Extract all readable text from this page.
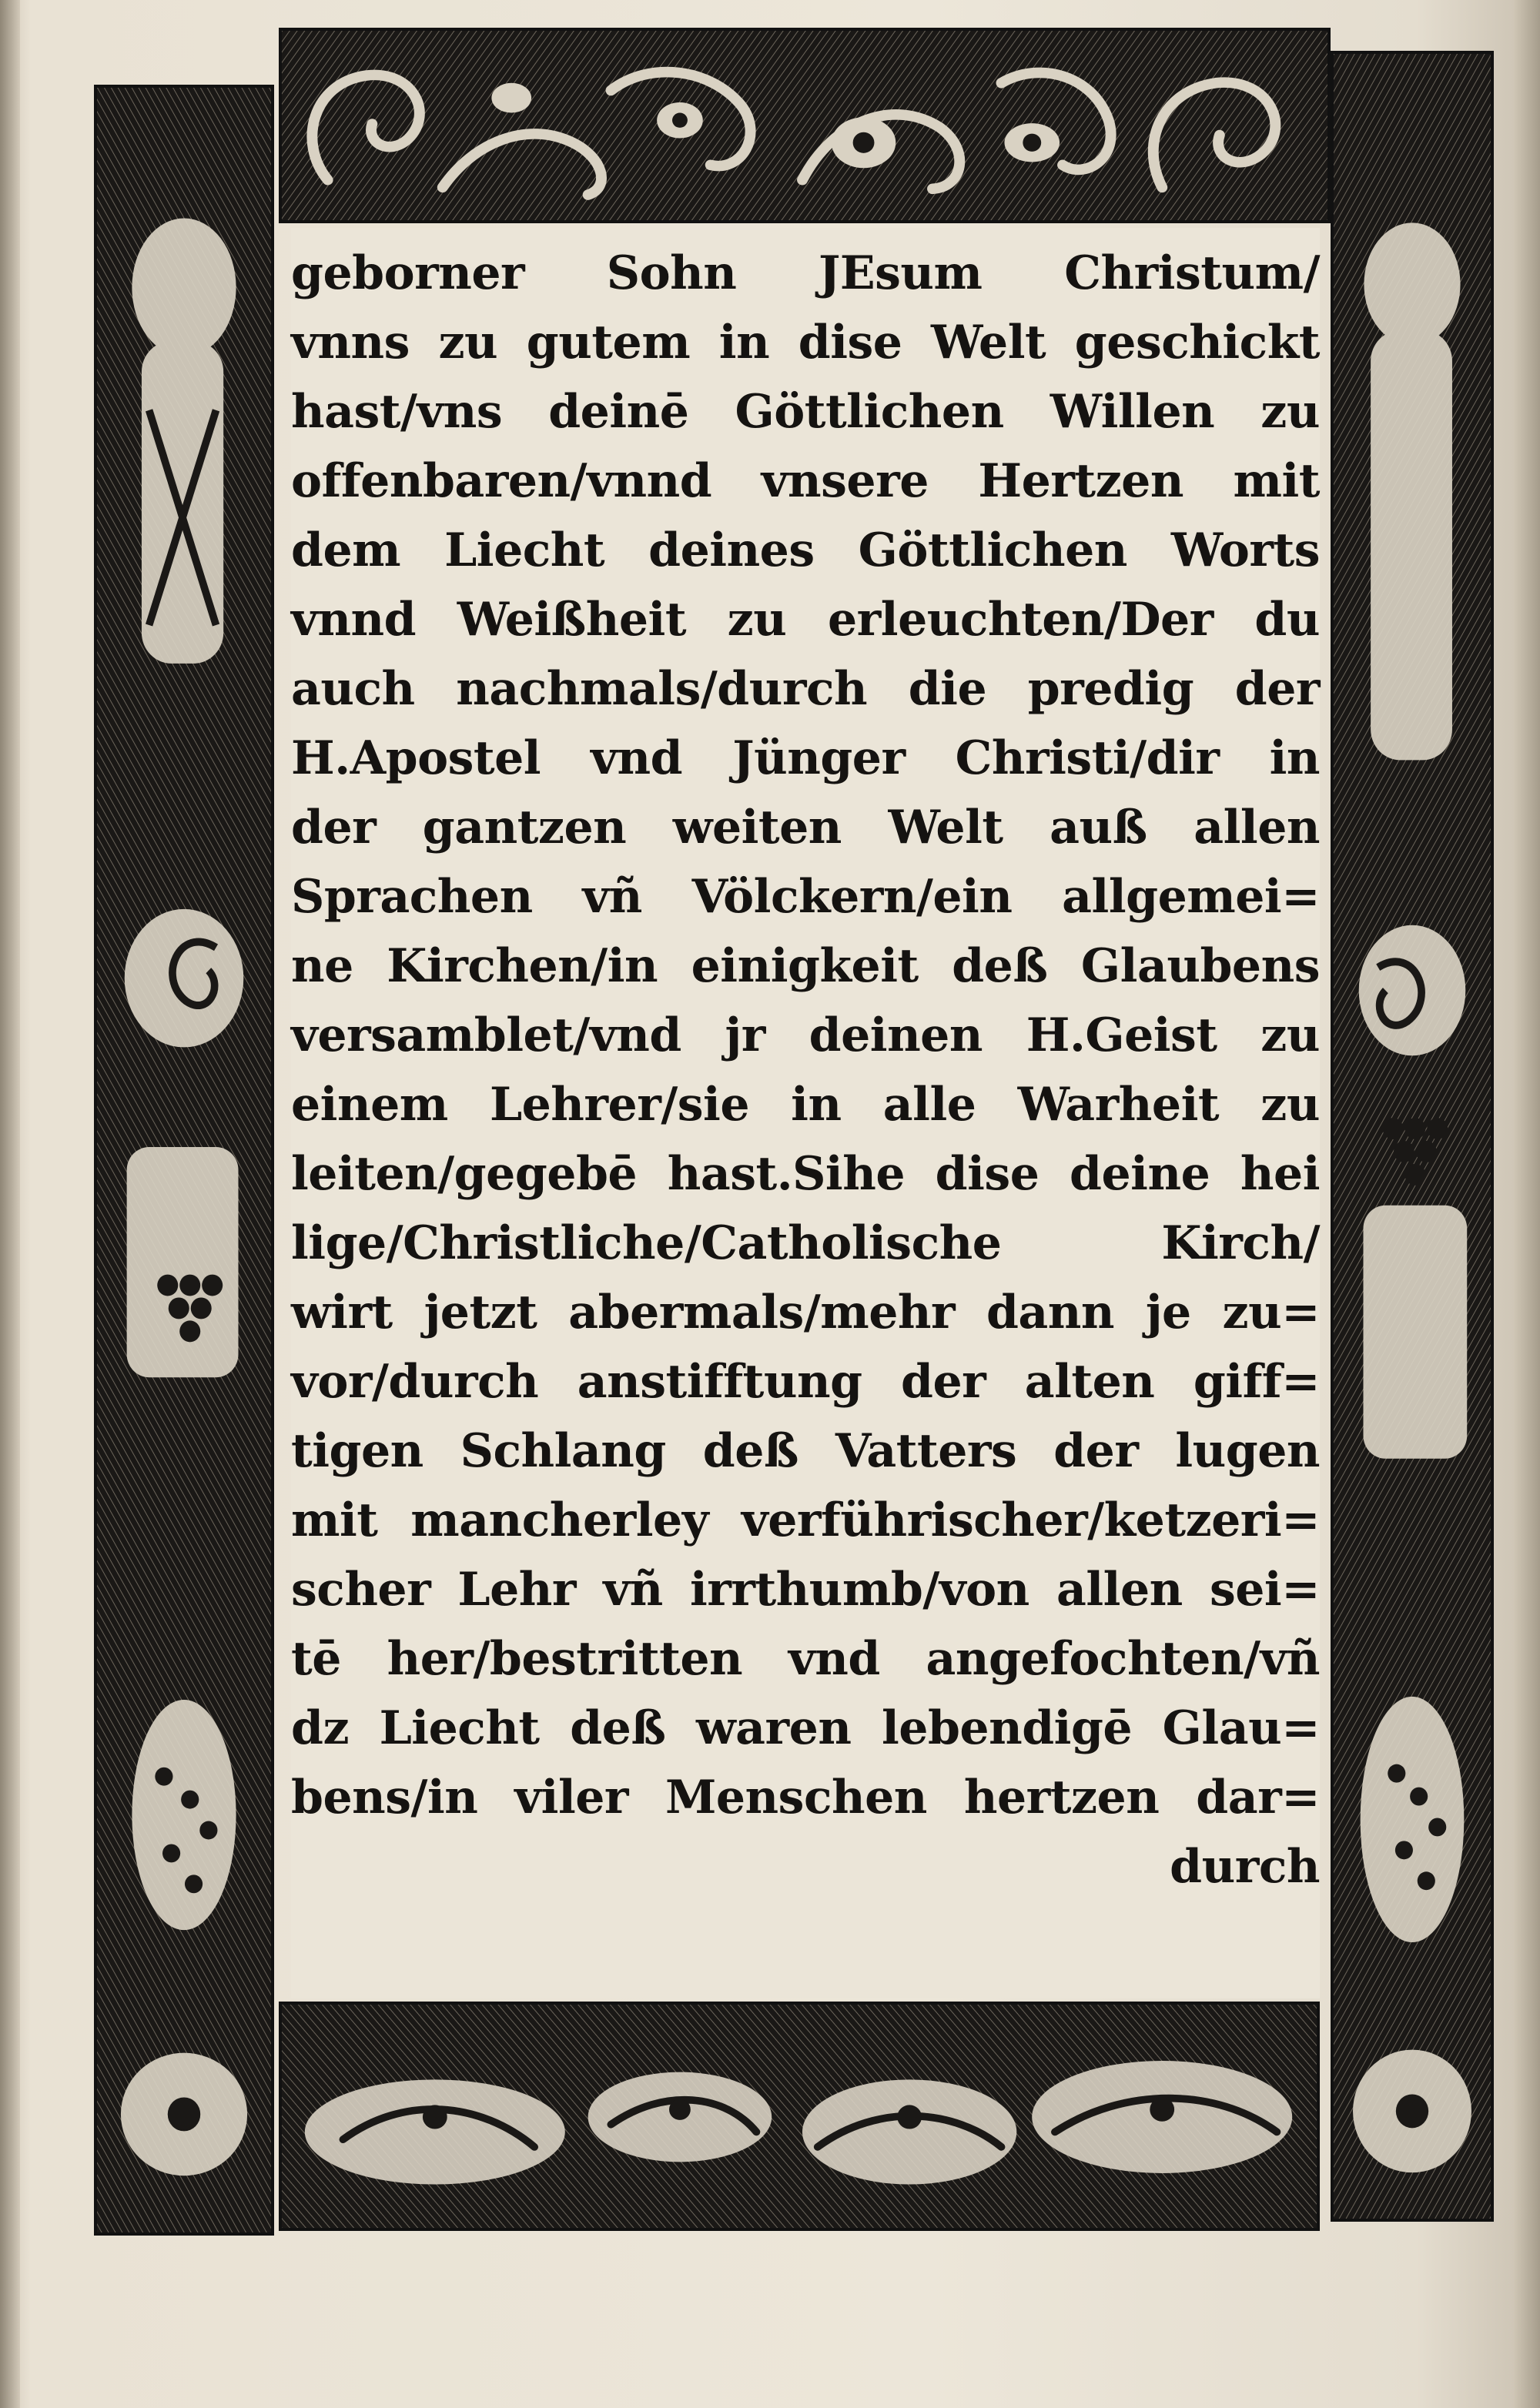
geborner Sohn JEsum Christum/
vnns zu gutem in dise Welt geschickt
hast/vns deinē Göttlichen Willen zu
offenbaren/vnnd vnsere Hertzen mit
dem Liecht deines Göttlichen Worts
vnnd Weißheit zu erleuchten/Der du
auch nachmals/durch die predig der
H.Apostel vnd Jünger Christi/dir in
der gantzen weiten Welt auß allen
Sprachen vñ Völckern/ein allgemei=
ne Kirchen/in einigkeit deß Glaubens
versamblet/vnd jr deinen H.Geist zu
einem Lehrer/sie in alle Warheit zu
leiten/gegebē hast.Sihe dise deine hei
lige/Christliche/Catholische Kirch/
wirt jetzt abermals/mehr dann je zu=
vor/durch anstifftung der alten giff=
tigen Schlang deß Vatters der lugen
mit mancherley verführischer/ketzeri=
scher Lehr vñ irrthumb/von allen sei=
tē her/bestritten vnd angefochten/vñ
dz Liecht deß waren lebendigē Glau=
bens/in viler Menschen hertzen dar=
durch
